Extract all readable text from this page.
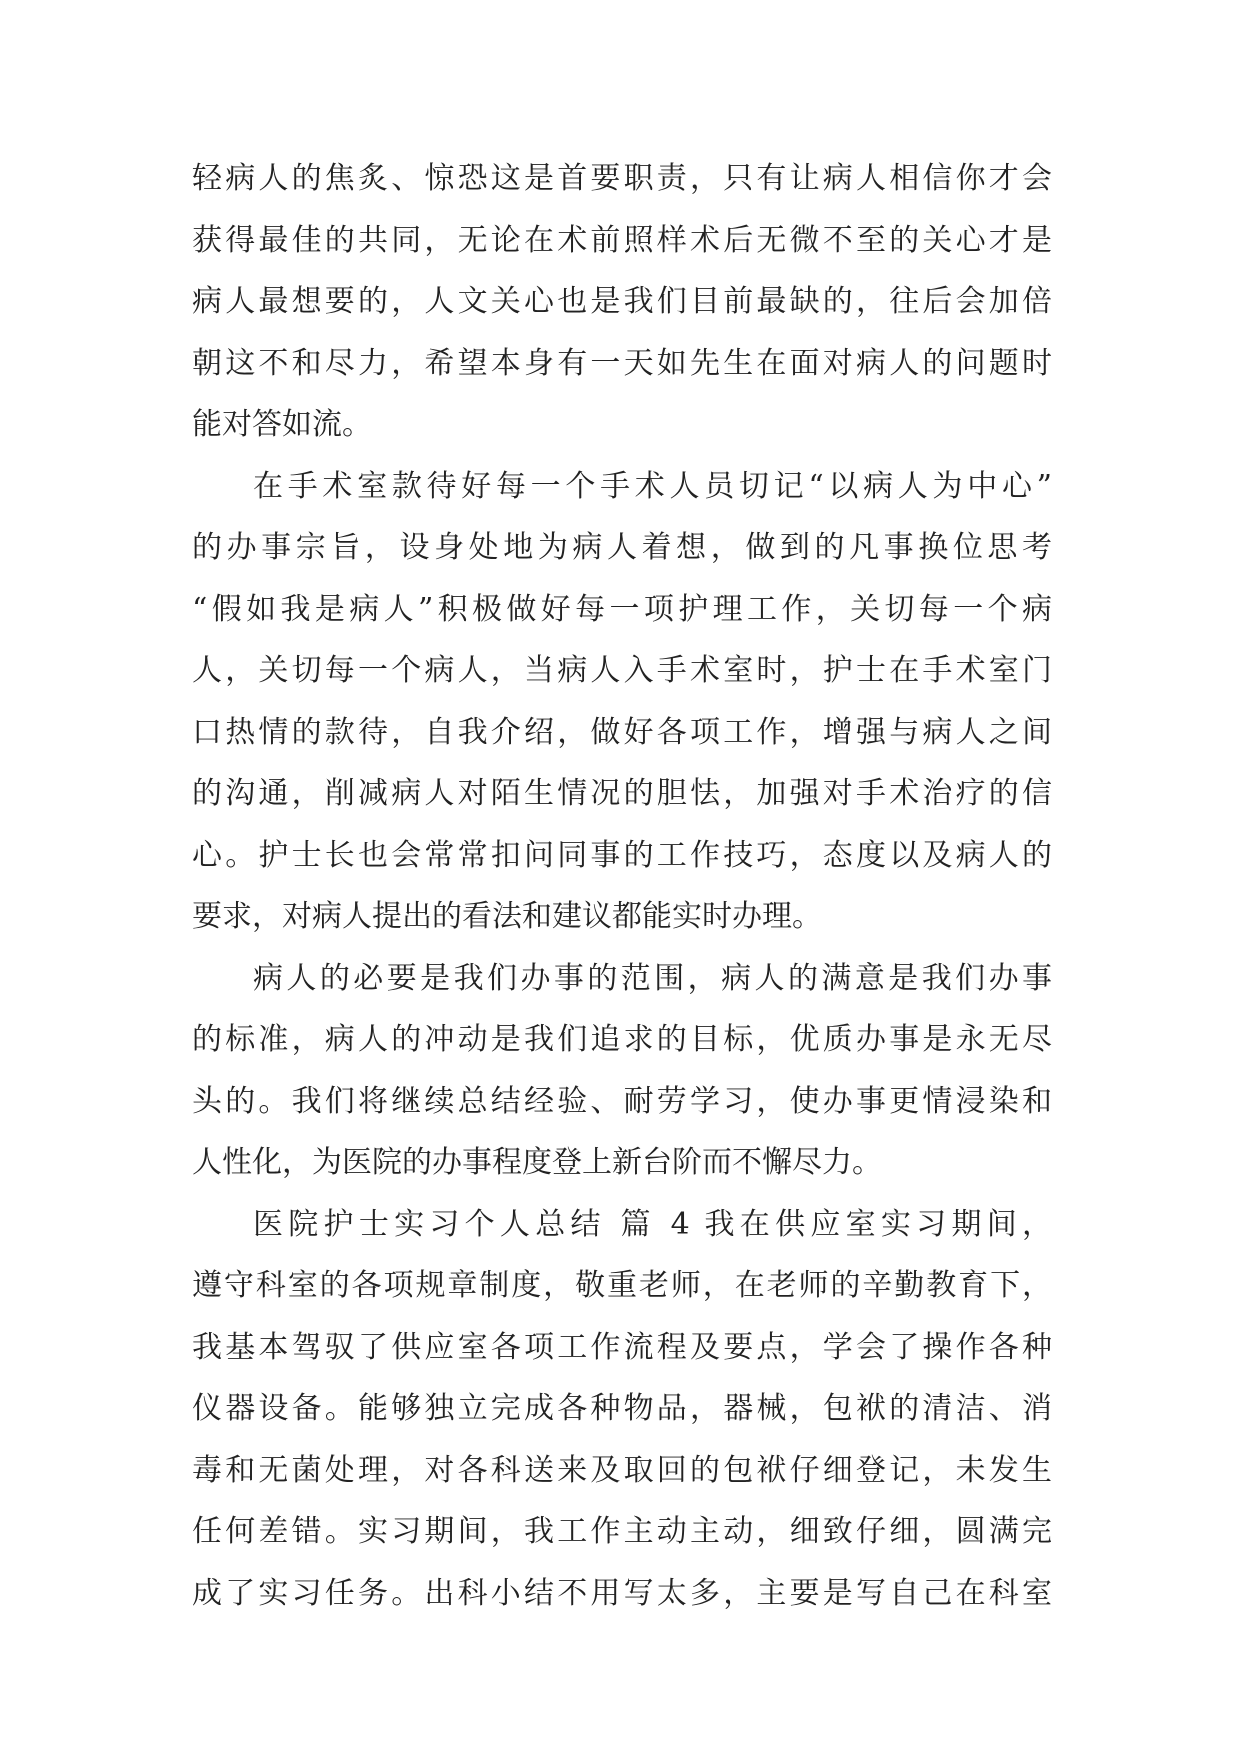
轻病人的焦炙、惊恐这是首要职责，只有让病人相信你才会
获得最佳的共同，无论在术前照样术后无微不至的关心才是
病人最想要的，人文关心也是我们目前最缺的，往后会加倍
朝这不和尽力，希望本身有一天如先生在面对病人的问题时
能对答如流。
在手术室款待好每一个手术人员切记“以病人为中心”
的办事宗旨，设身处地为病人着想，做到的凡事换位思考
“假如我是病人”积极做好每一项护理工作，关切每一个病
人，关切每一个病人，当病人入手术室时，护士在手术室门
口热情的款待，自我介绍，做好各项工作，增强与病人之间
的沟通，削减病人对陌生情况的胆怯，加强对手术治疗的信
心。护士长也会常常扣问同事的工作技巧，态度以及病人的
要求，对病人提出的看法和建议都能实时办理。
病人的必要是我们办事的范围，病人的满意是我们办事
的标准，病人的冲动是我们追求的目标，优质办事是永无尽
头的。我们将继续总结经验、耐劳学习，使办事更情浸染和
人性化，为医院的办事程度登上新台阶而不懈尽力。
医院护士实习个人总结 篇 4 我在供应室实习期间，
遵守科室的各项规章制度，敬重老师，在老师的辛勤教育下，
我基本驾驭了供应室各项工作流程及要点，学会了操作各种
仪器设备。能够独立完成各种物品，器械，包袱的清洁、消
毒和无菌处理，对各科送来及取回的包袱仔细登记，未发生
任何差错。实习期间，我工作主动主动，细致仔细，圆满完
成了实习任务。出科小结不用写太多，主要是写自己在科室
